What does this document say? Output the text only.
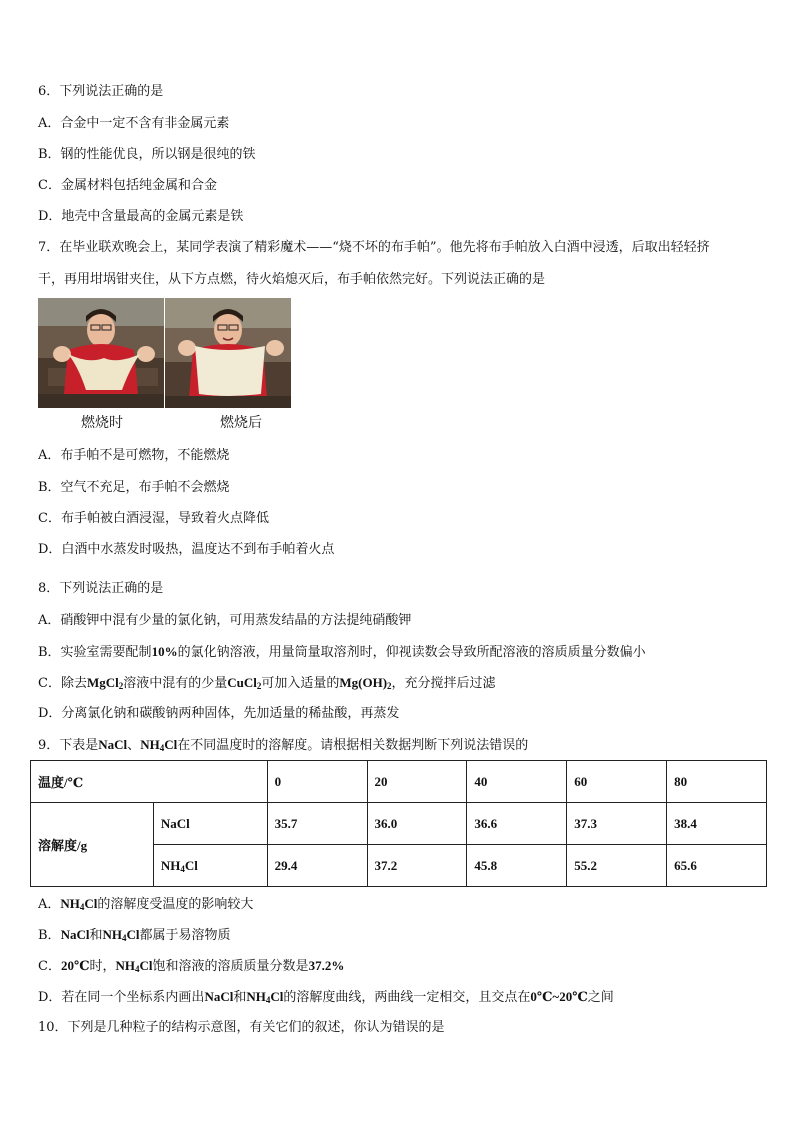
6．下列说法正确的是
A．合金中一定不含有非金属元素
B．钢的性能优良，所以钢是很纯的铁
C．金属材料包括纯金属和合金
D．地壳中含量最高的金属元素是铁
7．在毕业联欢晚会上，某同学表演了精彩魔术——“烧不坏的布手帕”。他先将布手帕放入白酒中浸透，后取出轻轻挤
干，再用坩埚钳夹住，从下方点燃，待火焰熄灭后，布手帕依然完好。下列说法正确的是
燃烧时	燃烧后
A．布手帕不是可燃物，不能燃烧
B．空气不充足，布手帕不会燃烧
C．布手帕被白酒浸湿，导致着火点降低
D．白酒中水蒸发时吸热，温度达不到布手帕着火点
8．下列说法正确的是
A．硝酸钾中混有少量的氯化钠，可用蒸发结晶的方法提纯硝酸钾
B．实验室需要配制10%的氯化钠溶液，用量筒量取溶剂时，仰视读数会导致所配溶液的溶质质量分数偏小
C．除去MgCl$_2$溶液中混有的少量CuCl$_2$可加入适量的$Mg(OH)_2$，充分搅拌后过滤
D．分离氯化钠和碳酸钠两种固体，先加适量的稀盐酸，再蒸发
9．下表是NaCl、$NH_4Cl$在不同温度时的溶解度。请根据相关数据判断下列说法错误的
温度/℃		0	20	40	60	80
溶解度/g	NaCl	35.7	36.0	36.6	37.3	38.4
	$NH_4Cl$	29.4	37.2	45.8	55.2	65.6
A．$NH_4Cl$的溶解度受温度的影响较大
B．NaCl和$NH_4Cl$都属于易溶物质
C．20℃时，$NH_4Cl$饱和溶液的溶质质量分数是37.2%
D．若在同一个坐标系内画出NaCl和$NH_4Cl$的溶解度曲线，两曲线一定相交，且交点在0℃~20℃之间
10．下列是几种粒子的结构示意图，有关它们的叙述，你认为错误的是
